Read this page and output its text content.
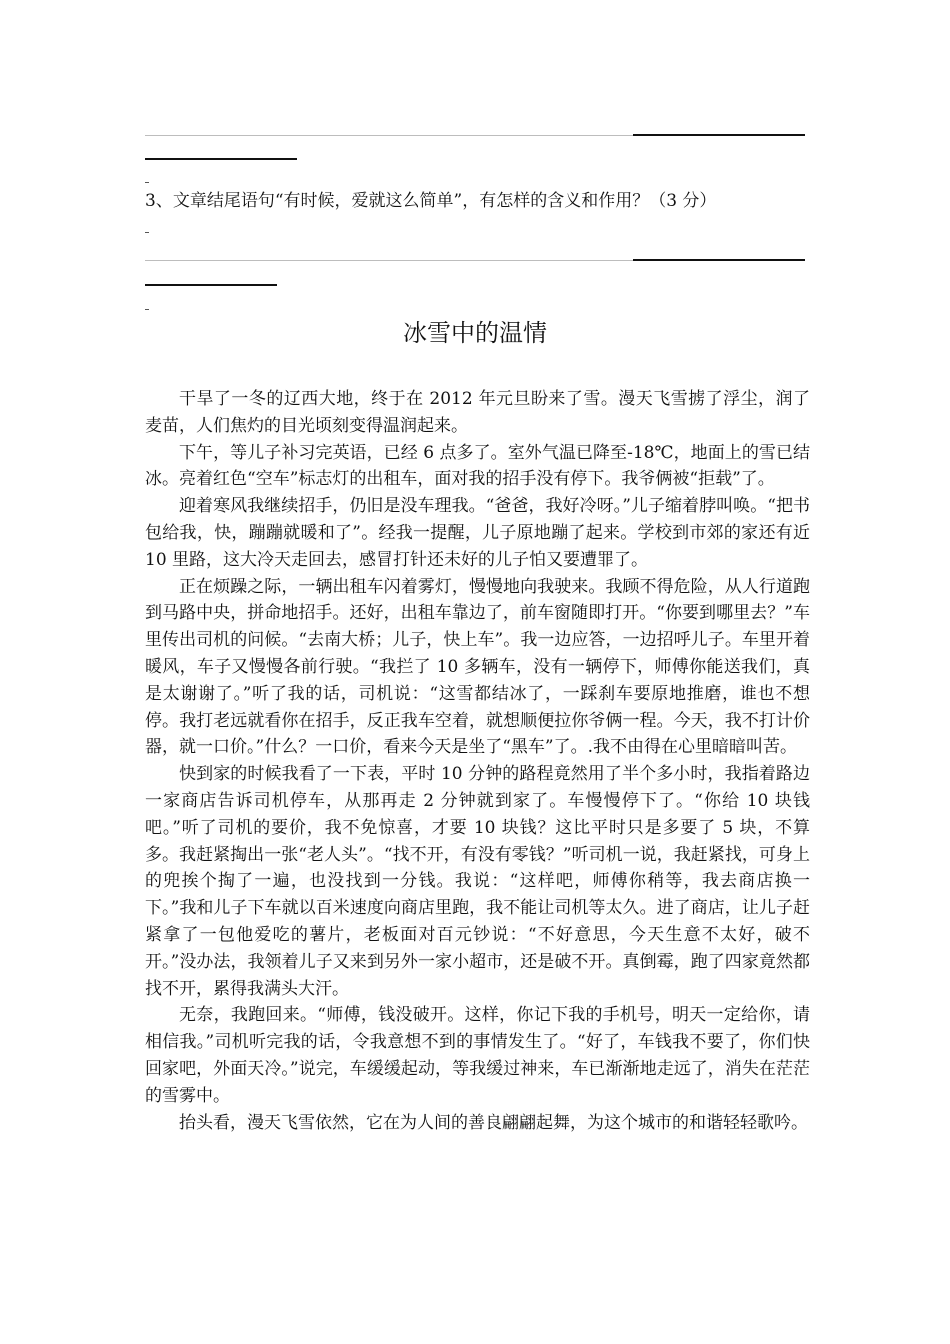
3、文章结尾语句“有时候，爱就这么简单”，有怎样的含义和作用？（3 分）
冰雪中的温情

干旱了一冬的辽西大地，终于在 2012 年元旦盼来了雪。漫天飞雪掳了浮尘，润了麦苗，人们焦灼的目光顷刻变得温润起来。

下午，等儿子补习完英语，已经 6 点多了。室外气温已降至-18℃，地面上的雪已结冰。亮着红色“空车”标志灯的出租车，面对我的招手没有停下。我爷俩被“拒载”了。

迎着寒风我继续招手，仍旧是没车理我。“爸爸，我好冷呀。”儿子缩着脖叫唤。“把书包给我，快，蹦蹦就暖和了”。经我一提醒，儿子原地蹦了起来。学校到市郊的家还有近 10 里路，这大冷天走回去，感冒打针还未好的儿子怕又要遭罪了。

正在烦躁之际，一辆出租车闪着雾灯，慢慢地向我驶来。我顾不得危险，从人行道跑到马路中央，拼命地招手。还好，出租车靠边了，前车窗随即打开。“你要到哪里去？”车里传出司机的问候。“去南大桥；儿子，快上车”。我一边应答，一边招呼儿子。车里开着暖风，车子又慢慢各前行驶。“我拦了 10 多辆车，没有一辆停下，师傅你能送我们，真是太谢谢了。”听了我的话，司机说：“这雪都结冰了，一踩刹车要原地推磨，谁也不想停。我打老远就看你在招手，反正我车空着，就想顺便拉你爷俩一程。今天，我不打计价器，就一口价。”什么？一口价，看来今天是坐了“黑车”了。.我不由得在心里暗暗叫苦。

快到家的时候我看了一下表，平时 10 分钟的路程竟然用了半个多小时，我指着路边一家商店告诉司机停车，从那再走 2 分钟就到家了。车慢慢停下了。“你给 10 块钱吧。”听了司机的要价，我不免惊喜，才要 10 块钱？这比平时只是多要了 5 块，不算多。我赶紧掏出一张“老人头”。“找不开，有没有零钱？”听司机一说，我赶紧找，可身上的兜挨个掏了一遍，也没找到一分钱。我说：“这样吧，师傅你稍等，我去商店换一下。”我和儿子下车就以百米速度向商店里跑，我不能让司机等太久。进了商店，让儿子赶紧拿了一包他爱吃的薯片，老板面对百元钞说：“不好意思，今天生意不太好，破不开。”没办法，我领着儿子又来到另外一家小超市，还是破不开。真倒霉，跑了四家竟然都找不开，累得我满头大汗。

无奈，我跑回来。“师傅，钱没破开。这样，你记下我的手机号，明天一定给你，请相信我。”司机听完我的话，令我意想不到的事情发生了。“好了，车钱我不要了，你们快回家吧，外面天冷。”说完，车缓缓起动，等我缓过神来，车已渐渐地走远了，消失在茫茫的雪雾中。

抬头看，漫天飞雪依然，它在为人间的善良翩翩起舞，为这个城市的和谐轻轻歌吟。
